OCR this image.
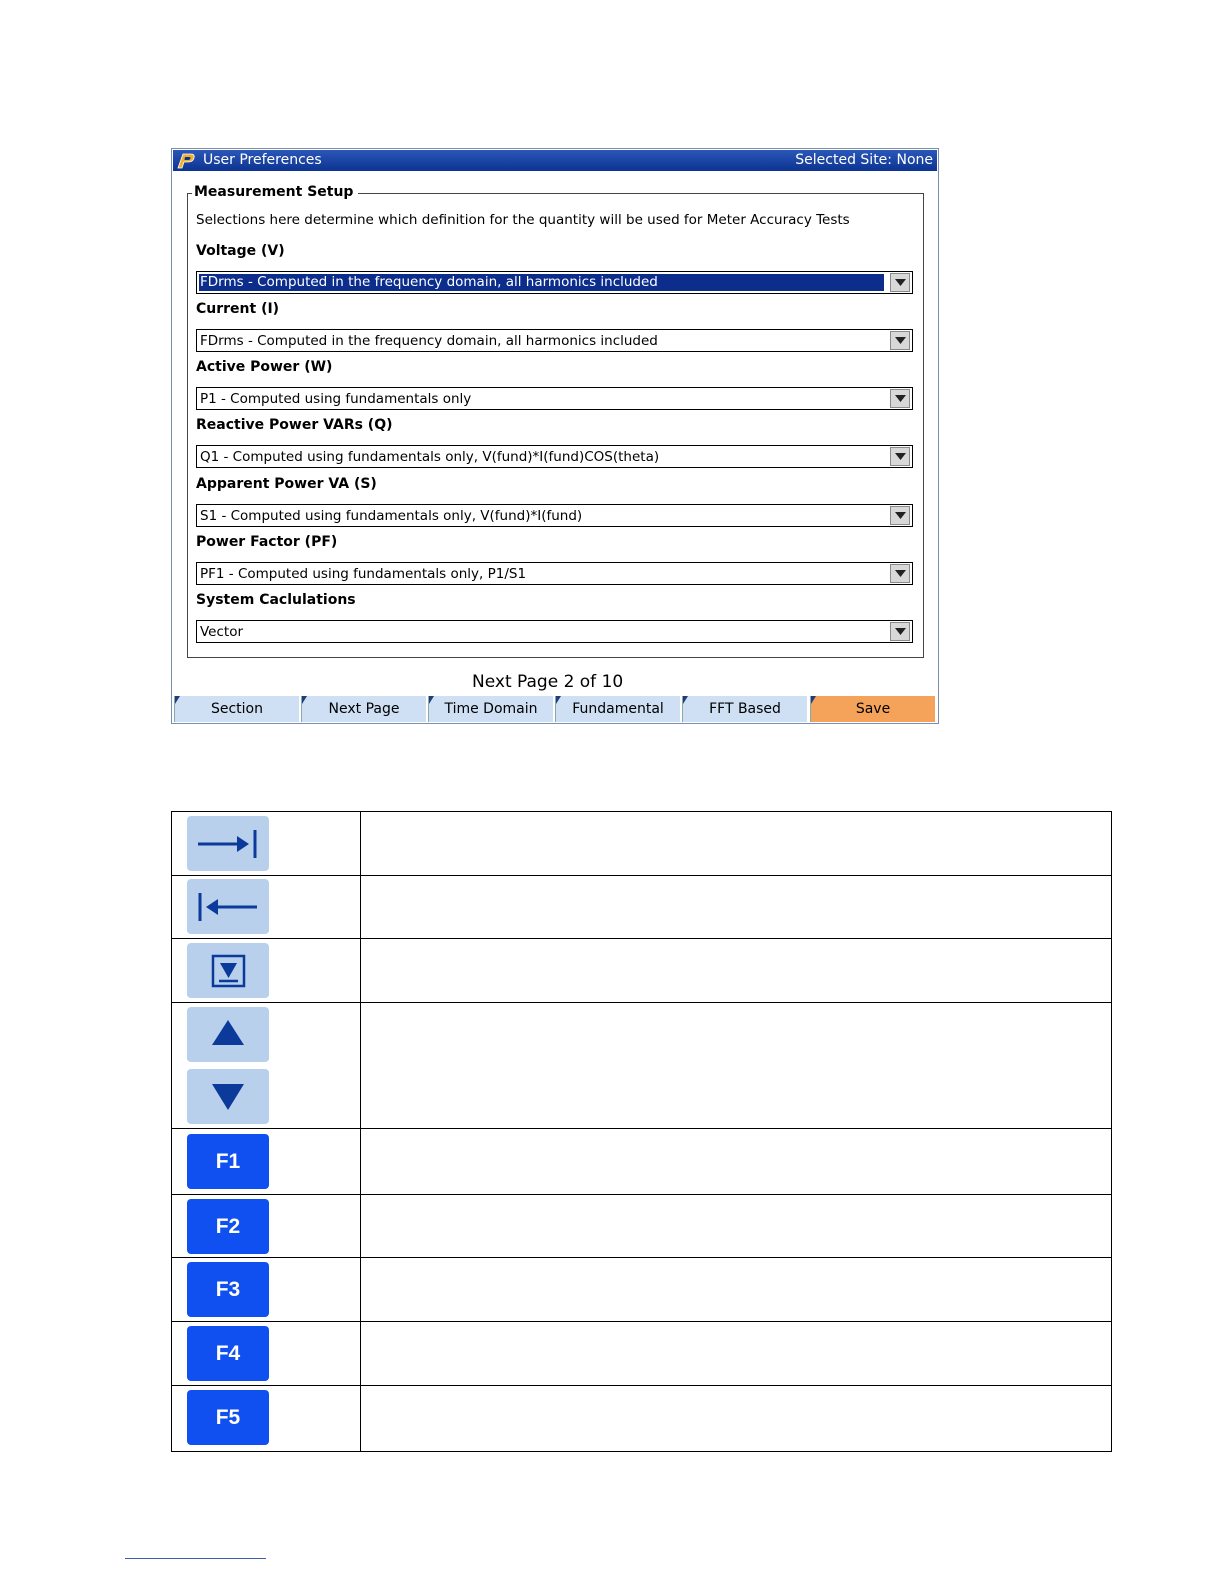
User Preferences	Selected Site: None
Measurement Setup
Selections here determine which definition for the quantity will be used for Meter Accuracy Tests
Voltage (V)
FDrms - Computed in the frequency domain, all harmonics included
Current (I)
FDrms - Computed in the frequency domain, all harmonics included
Active Power (W)
P1 - Computed using fundamentals only
Reactive Power VARs (Q)
Q1 - Computed using fundamentals only, V(fund)*I(fund)COS(theta)
Apparent Power VA (S)
S1 - Computed using fundamentals only, V(fund)*I(fund)
Power Factor (PF)
PF1 - Computed using fundamentals only, P1/S1
System Caclulations
Vector
Next Page 2 of 10
Section	Next Page	Time Domain	Fundamental	FFT Based	Save
F1
F2
F3
F4
F5
